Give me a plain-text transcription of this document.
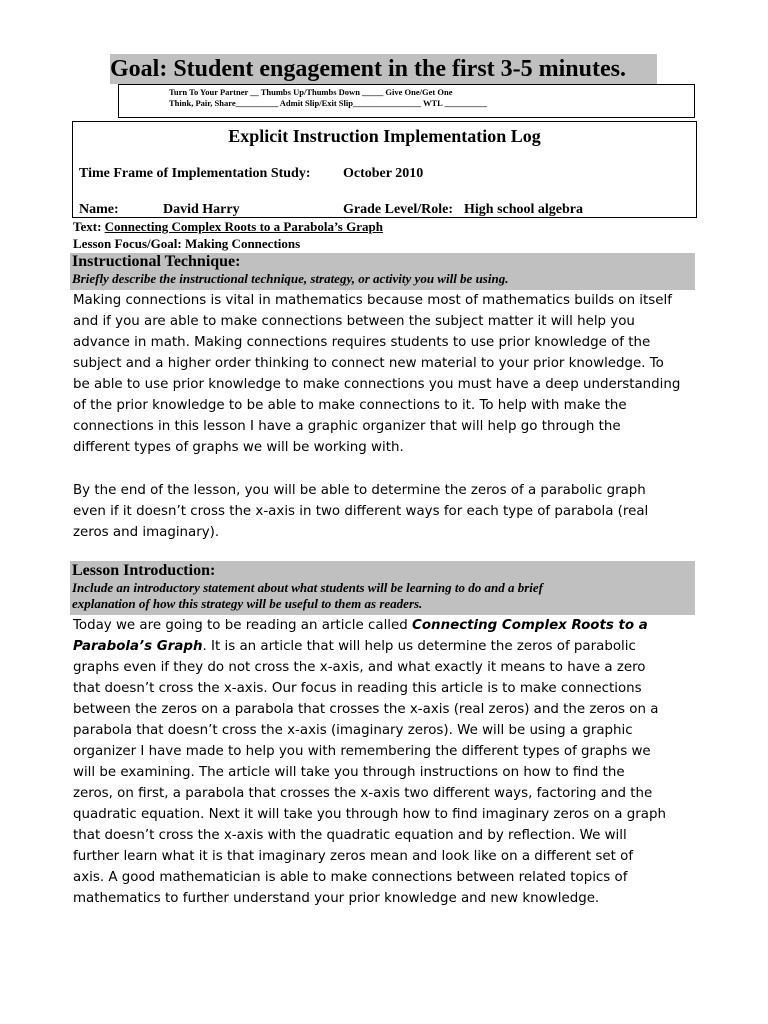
Goal: Student engagement in the first 3-5 minutes.
Turn To Your Partner __ Thumbs Up/Thumbs Down _____ Give One/Get One
Think, Pair, Share__________ Admit Slip/Exit Slip________________ WTL __________
Explicit Instruction Implementation Log
Time Frame of Implementation Study: October 2010
Name:	David Harry	Grade Level/Role: High school algebra
Text: Connecting Complex Roots to a Parabola’s Graph
Lesson Focus/Goal: Making Connections
Instructional Technique:
Briefly describe the instructional technique, strategy, or activity you will be using.

Making connections is vital in mathematics because most of mathematics builds on itself

and if you are able to make connections between the subject matter it will help you

advance in math. Making connections requires students to use prior knowledge of the

subject and a higher order thinking to connect new material to your prior knowledge. To

be able to use prior knowledge to make connections you must have a deep understanding

of the prior knowledge to be able to make connections to it. To help with make the

connections in this lesson I have a graphic organizer that will help go through the

different types of graphs we will be working with.

By the end of the lesson, you will be able to determine the zeros of a parabolic graph

even if it doesn’t cross the x-axis in two different ways for each type of parabola (real

zeros and imaginary).

Lesson Introduction:
Include an introductory statement about what students will be learning to do and a brief
explanation of how this strategy will be useful to them as readers.

Today we are going to be reading an article called Connecting Complex Roots to a

Parabola’s Graph. It is an article that will help us determine the zeros of parabolic

graphs even if they do not cross the x-axis, and what exactly it means to have a zero

that doesn’t cross the x-axis. Our focus in reading this article is to make connections

between the zeros on a parabola that crosses the x-axis (real zeros) and the zeros on a

parabola that doesn’t cross the x-axis (imaginary zeros). We will be using a graphic

organizer I have made to help you with remembering the different types of graphs we

will be examining. The article will take you through instructions on how to find the

zeros, on first, a parabola that crosses the x-axis two different ways, factoring and the

quadratic equation. Next it will take you through how to find imaginary zeros on a graph

that doesn’t cross the x-axis with the quadratic equation and by reflection. We will

further learn what it is that imaginary zeros mean and look like on a different set of

axis. A good mathematician is able to make connections between related topics of

mathematics to further understand your prior knowledge and new knowledge.
